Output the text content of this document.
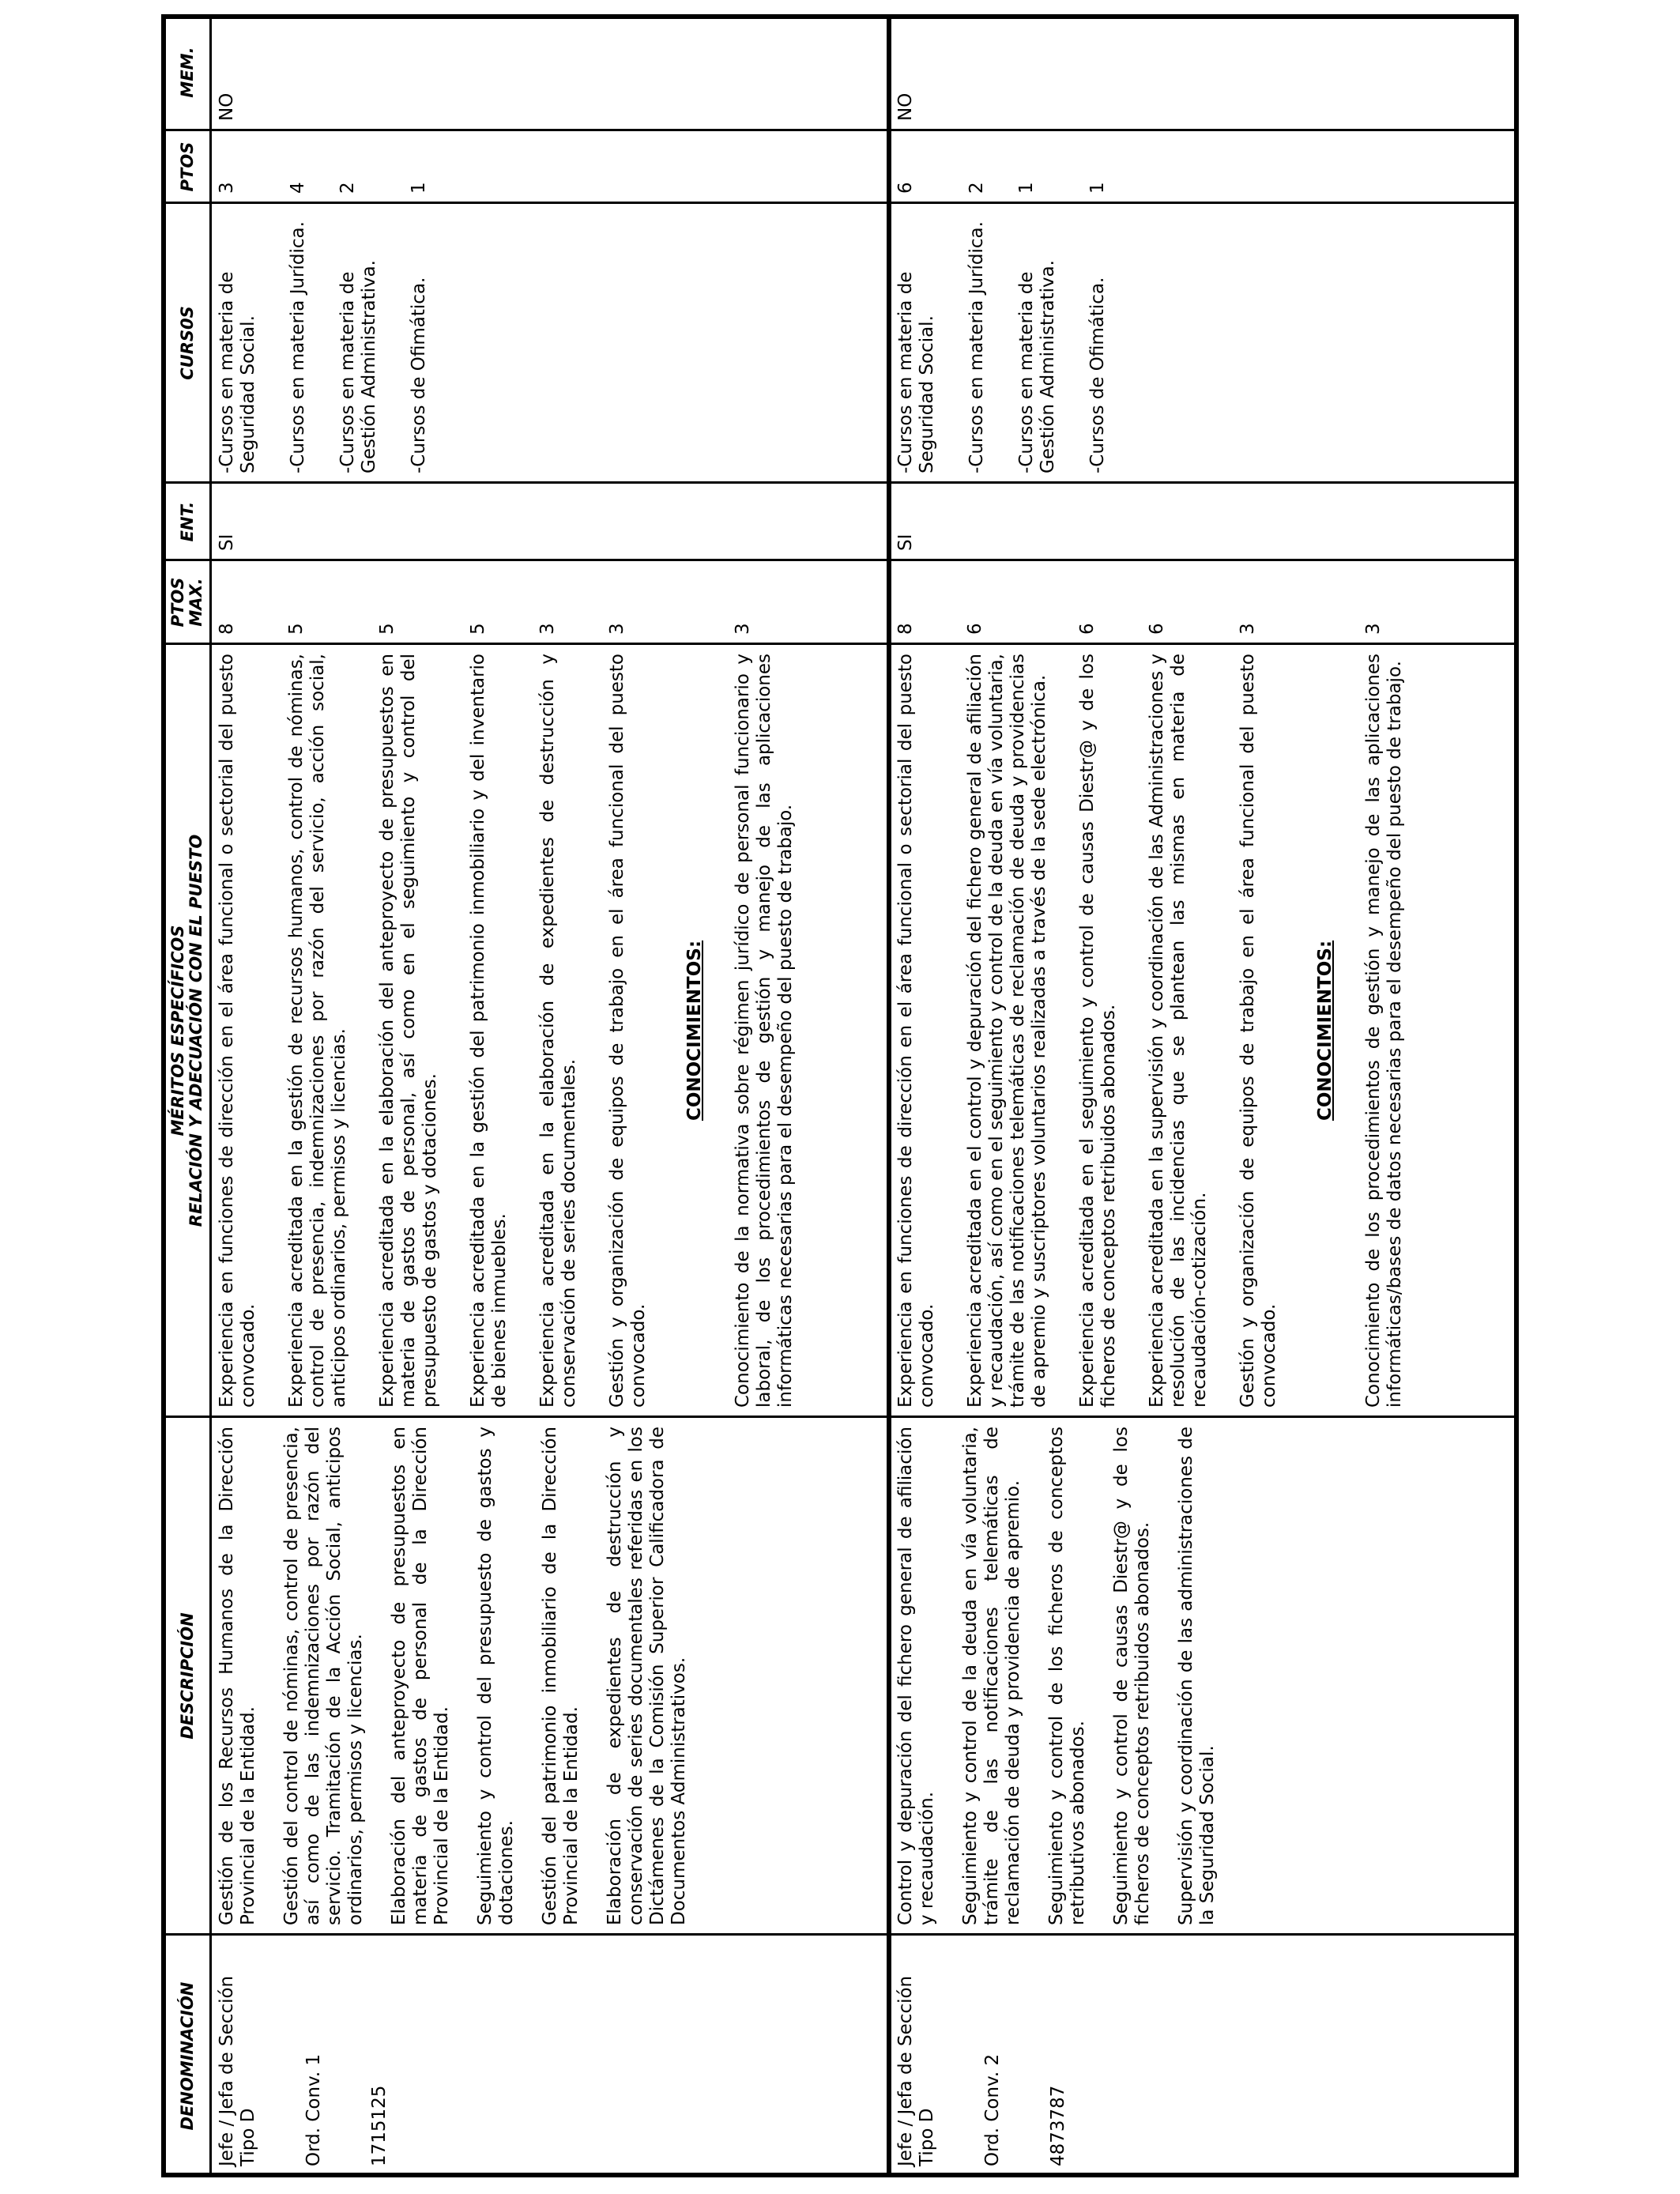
DENOMINACIÓN
DESCRIPCIÓN
MÉRITOS ESPECÍFICOS RELACIÓN Y ADECUACIÓN CON EL PUESTO
PTOS MAX.
ENT.
CURS0S
PTOS
MEM.

Jefe / Jefa de Sección Tipo D Ord. Conv. 1 1715125

Gestión de los Recursos Humanos de la Dirección Provincial de la Entidad. Gestión del control de nóminas, control de presencia, así como de las indemnizaciones por razón del servicio. Tramitación de la Acción Social, anticipos ordinarios, permisos y licencias. Elaboración del anteproyecto de presupuestos en materia de gastos de personal de la Dirección Provincial de la Entidad. Seguimiento y control del presupuesto de gastos y dotaciones. Gestión del patrimonio inmobiliario de la Dirección Provincial de la Entidad. Elaboración de expedientes de destrucción y conservación de series documentales referidas en los Dictámenes de la Comisión Superior Calificadora de Documentos Administrativos.

Experiencia en funciones de dirección en el área funcional o sectorial del puesto convocado.
8
Experiencia acreditada en la gestión de recursos humanos, control de nóminas, control de presencia, indemnizaciones por razón del servicio, acción social, anticipos ordinarios, permisos y licencias.
5
Experiencia acreditada en la elaboración del anteproyecto de presupuestos en materia de gastos de personal, así como en el seguimiento y control del presupuesto de gastos y dotaciones.
5
Experiencia acreditada en la gestión del patrimonio inmobiliario y del inventario de bienes inmuebles.
5
Experiencia acreditada en la elaboración de expedientes de destrucción y conservación de series documentales.
3
Gestión y organización de equipos de trabajo en el área funcional del puesto convocado.
3
CONOCIMIENTOS: Conocimiento de la normativa sobre régimen jurídico de personal funcionario y laboral, de los procedimientos de gestión y manejo de las aplicaciones informáticas necesarias para el desempeño del puesto de trabajo.
3
SI
-Cursos en materia de Seguridad Social.
3
-Cursos en materia Jurídica.
4
-Cursos en materia de Gestión Administrativa.
2
-Cursos de Ofimática.
1
NO

Jefe / Jefa de Sección Tipo D Ord. Conv. 2 4873787

Control y depuración del fichero general de afiliación y recaudación. Seguimiento y control de la deuda en vía voluntaria, trámite de las notificaciones telemáticas de reclamación de deuda y providencia de apremio. Seguimiento y control de los ficheros de conceptos retributivos abonados. Seguimiento y control de causas Diestr@ y de los ficheros de conceptos retribuidos abonados. Supervisión y coordinación de las administraciones de la Seguridad Social.

Experiencia en funciones de dirección en el área funcional o sectorial del puesto convocado.
8
Experiencia acreditada en el control y depuración del fichero general de afiliación y recaudación, así como en el seguimiento y control de la deuda en vía voluntaria, trámite de las notificaciones telemáticas de reclamación de deuda y providencias de apremio y suscriptores voluntarios realizadas a través de la sede electrónica.
6
Experiencia acreditada en el seguimiento y control de causas Diestr@ y de los ficheros de conceptos retribuidos abonados.
6
Experiencia acreditada en la supervisión y coordinación de las Administraciones y resolución de las incidencias que se plantean las mismas en materia de recaudación-cotización.
6
Gestión y organización de equipos de trabajo en el área funcional del puesto convocado.
3
CONOCIMIENTOS: Conocimiento de los procedimientos de gestión y manejo de las aplicaciones informáticas/bases de datos necesarias para el desempeño del puesto de trabajo.
3
SI
-Cursos en materia de Seguridad Social.
6
-Cursos en materia Jurídica.
2
-Cursos en materia de Gestión Administrativa.
1
-Cursos de Ofimática.
1
NO
